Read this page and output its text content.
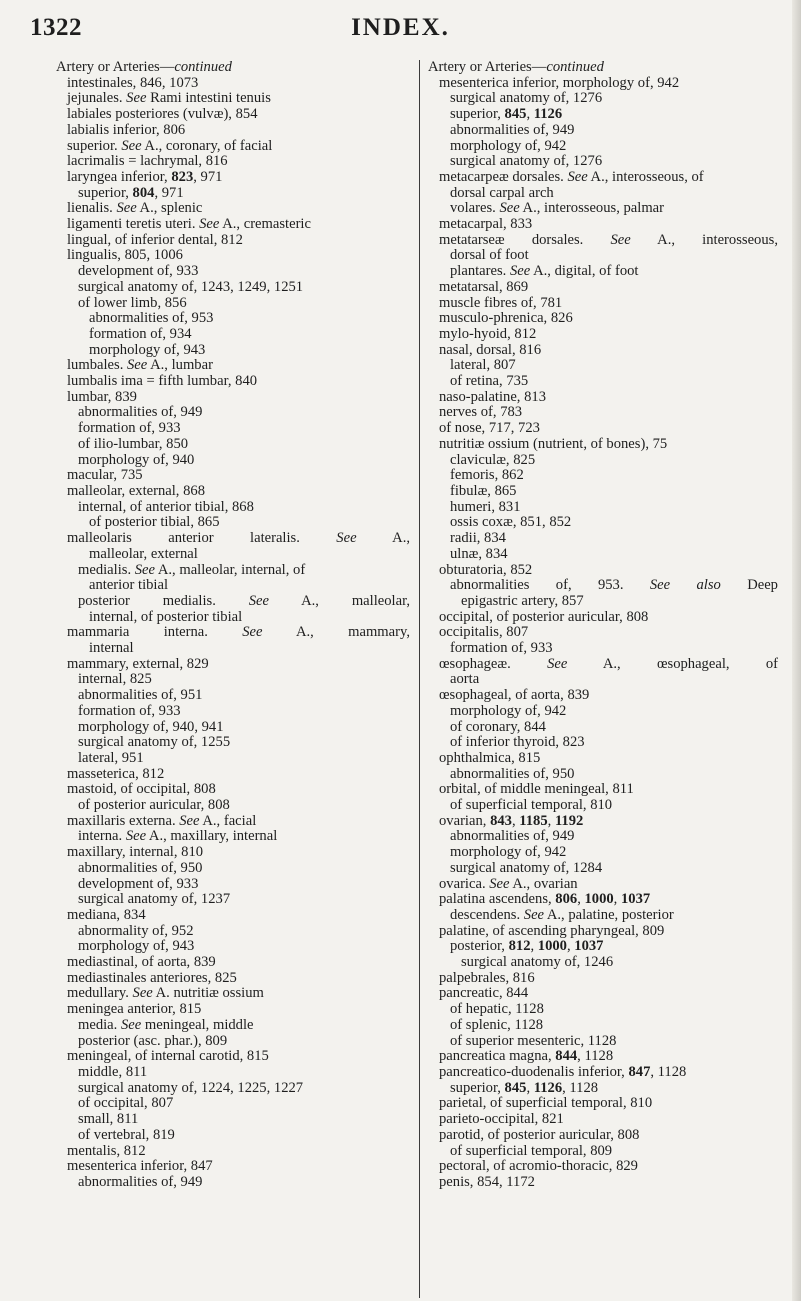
1322	INDEX.
Artery or Arteries—continued
intestinales, 846, 1073
jejunales. See Rami intestini tenuis
labiales posteriores (vulvæ), 854
labialis inferior, 806
superior. See A., coronary, of facial
lacrimalis = lachrymal, 816
laryngea inferior, 823, 971
superior, 804, 971
lienalis. See A., splenic
ligamenti teretis uteri. See A., cremasteric
lingual, of inferior dental, 812
lingualis, 805, 1006
development of, 933
surgical anatomy of, 1243, 1249, 1251
of lower limb, 856
abnormalities of, 953
formation of, 934
morphology of, 943
lumbales. See A., lumbar
lumbalis ima = fifth lumbar, 840
lumbar, 839
abnormalities of, 949
formation of, 933
of ilio-lumbar, 850
morphology of, 940
macular, 735
malleolar, external, 868
internal, of anterior tibial, 868
of posterior tibial, 865
malleolaris anterior lateralis. See A.,
malleolar, external
medialis. See A., malleolar, internal, of
anterior tibial
posterior medialis. See A., malleolar,
internal, of posterior tibial
mammaria interna. See A., mammary,
internal
mammary, external, 829
internal, 825
abnormalities of, 951
formation of, 933
morphology of, 940, 941
surgical anatomy of, 1255
lateral, 951
masseterica, 812
mastoid, of occipital, 808
of posterior auricular, 808
maxillaris externa. See A., facial
interna. See A., maxillary, internal
maxillary, internal, 810
abnormalities of, 950
development of, 933
surgical anatomy of, 1237
mediana, 834
abnormality of, 952
morphology of, 943
mediastinal, of aorta, 839
mediastinales anteriores, 825
medullary. See A. nutritiæ ossium
meningea anterior, 815
media. See meningeal, middle
posterior (asc. phar.), 809
meningeal, of internal carotid, 815
middle, 811
surgical anatomy of, 1224, 1225, 1227
of occipital, 807
small, 811
of vertebral, 819
mentalis, 812
mesenterica inferior, 847
abnormalities of, 949
Artery or Arteries—continued
mesenterica inferior, morphology of, 942
surgical anatomy of, 1276
superior, 845, 1126
abnormalities of, 949
morphology of, 942
surgical anatomy of, 1276
metacarpeæ dorsales. See A., interosseous, of
dorsal carpal arch
volares. See A., interosseous, palmar
metacarpal, 833
metatarseæ dorsales. See A., interosseous,
dorsal of foot
plantares. See A., digital, of foot
metatarsal, 869
muscle fibres of, 781
musculo-phrenica, 826
mylo-hyoid, 812
nasal, dorsal, 816
lateral, 807
of retina, 735
naso-palatine, 813
nerves of, 783
of nose, 717, 723
nutritiæ ossium (nutrient, of bones), 75
claviculæ, 825
femoris, 862
fibulæ, 865
humeri, 831
ossis coxæ, 851, 852
radii, 834
ulnæ, 834
obturatoria, 852
abnormalities of, 953. See also Deep
epigastric artery, 857
occipital, of posterior auricular, 808
occipitalis, 807
formation of, 933
œsophageæ. See A., œsophageal, of
aorta
œsophageal, of aorta, 839
morphology of, 942
of coronary, 844
of inferior thyroid, 823
ophthalmica, 815
abnormalities of, 950
orbital, of middle meningeal, 811
of superficial temporal, 810
ovarian, 843, 1185, 1192
abnormalities of, 949
morphology of, 942
surgical anatomy of, 1284
ovarica. See A., ovarian
palatina ascendens, 806, 1000, 1037
descendens. See A., palatine, posterior
palatine, of ascending pharyngeal, 809
posterior, 812, 1000, 1037
surgical anatomy of, 1246
palpebrales, 816
pancreatic, 844
of hepatic, 1128
of splenic, 1128
of superior mesenteric, 1128
pancreatica magna, 844, 1128
pancreatico-duodenalis inferior, 847, 1128
superior, 845, 1126, 1128
parietal, of superficial temporal, 810
parieto-occipital, 821
parotid, of posterior auricular, 808
of superficial temporal, 809
pectoral, of acromio-thoracic, 829
penis, 854, 1172
